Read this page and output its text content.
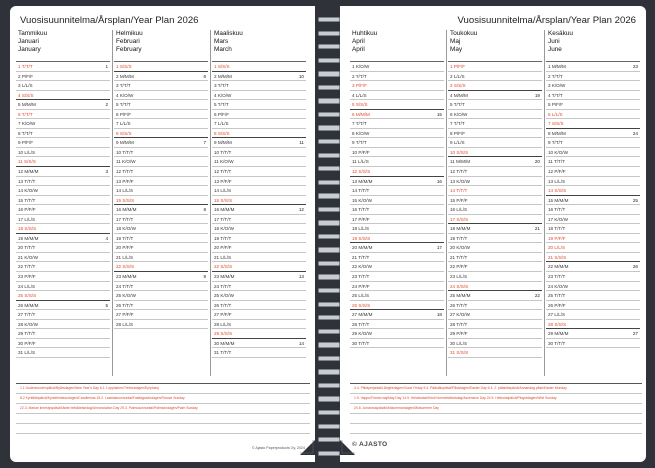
Vuosisuunnitelma/Årsplan/Year Plan 2026
1.1 Uudenvuodenpäivä/Nyårsdagen/New Year's Day 6.1. Loppiainen/Trettondagen/Epiphany
8.2 Kynttilänpäivä/Kyndelmässodagen/Candlemas 15.2. Laskiaissunnuntai/Fastlagssöndagen/Shrove Sunday
22.3. Marian ilmestyspäivä/Marie bebådelsedag/Annunciation Day 29.3. Palmusunnuntai/Palmsöndagen/Palm Sunday
© Ajasto Paperproducts Oy, 2024
Tammikuu
Januari
January
1 T/T/T	1
2 P/F/F
3 L/L/S
4 S/S/S
5 M/M/M	2
6 T/T/T
7 K/O/W
8 T/T/T
9 P/F/F
10 L/L/S
11 S/S/S
12 M/M/M	3
13 T/T/T
14 K/O/W
15 T/T/T
16 P/F/F
17 L/L/S
18 S/S/S
19 M/M/M	4
20 T/T/T
21 K/O/W
22 T/T/T
23 P/F/F
24 L/L/S
25 S/S/S
26 M/M/M	5
27 T/T/T
28 K/O/W
29 T/T/T
30 P/F/F
31 L/L/S
Helmikuu
Februari
February
1 S/S/S
2 M/M/M	6
3 T/T/T
4 K/O/W
5 T/T/T
6 P/F/F
7 L/L/S
8 S/S/S
9 M/M/M	7
10 T/T/T
11 K/O/W
12 T/T/T
13 P/F/F
14 L/L/S
15 S/S/S
16 M/M/M	8
17 T/T/T
18 K/O/W
19 T/T/T
20 P/F/F
21 L/L/S
22 S/S/S
23 M/M/M	9
24 T/T/T
25 K/O/W
26 T/T/T
27 P/F/F
28 L/L/S
Maaliskuu
Mars
March
1 S/S/S
2 M/M/M	10
3 T/T/T
4 K/O/W
5 T/T/T
6 P/F/F
7 L/L/S
8 S/S/S
9 M/M/M	11
10 T/T/T
11 K/O/W
12 T/T/T
13 P/F/F
14 L/L/S
15 S/S/S
16 M/M/M	12
17 T/T/T
18 K/O/W
19 T/T/T
20 P/F/F
21 L/L/S
22 S/S/S
23 M/M/M	13
24 T/T/T
25 K/O/W
26 T/T/T
27 P/F/F
28 L/L/S
29 S/S/S
30 M/M/M	14
31 T/T/T
Vuosisuunnitelma/Årsplan/Year Plan 2026
3.4. Pitkäperjantai/Långfredagen/Good Friday 5.4. Pääsiäispäivä/Påskdagen/Easter Day 6.4. 2. pääsiäispäivä/Annandag påsk/Easter Monday
1.5. Vappu/Första maj/May Day 14.5. Helatorstai/Kristi himmelsfärdsdag/Ascension Day 24.5. Helluntaipäivä/Pingstdagen/Whit Sunday
20.6. Juhannuspäivä/Midsommardagen/Midsummer Day
© AJASTO
Huhtikuu
April
April
1 K/O/W
2 T/T/T
3 P/F/F
4 L/L/S
5 S/S/S
6 M/M/M	15
7 T/T/T
8 K/O/W
9 T/T/T
10 P/F/F
11 L/L/S
12 S/S/S
13 M/M/M	16
14 T/T/T
15 K/O/W
16 T/T/T
17 P/F/F
18 L/L/S
19 S/S/S
20 M/M/M	17
21 T/T/T
22 K/O/W
23 T/T/T
24 P/F/F
25 L/L/S
26 S/S/S
27 M/M/M	18
28 T/T/T
29 K/O/W
30 T/T/T
Toukokuu
Maj
May
1 P/F/F
2 L/L/S
3 S/S/S
4 M/M/M	19
5 T/T/T
6 K/O/W
7 T/T/T
8 P/F/F
9 L/L/S
10 S/S/S
11 M/M/M	20
12 T/T/T
13 K/O/W
14 T/T/T
15 P/F/F
16 L/L/S
17 S/S/S
18 M/M/M	21
19 T/T/T
20 K/O/W
21 T/T/T
22 P/F/F
23 L/L/S
24 S/S/S
25 M/M/M	22
26 T/T/T
27 K/O/W
28 T/T/T
29 P/F/F
30 L/L/S
31 S/S/S
Kesäkuu
Juni
June
1 M/M/M	23
2 T/T/T
3 K/O/W
4 T/T/T
5 P/F/F
6 L/L/S
7 S/S/S
8 M/M/M	24
9 T/T/T
10 K/O/W
11 T/T/T
12 P/F/F
13 L/L/S
14 S/S/S
15 M/M/M	25
16 T/T/T
17 K/O/W
18 T/T/T
19 P/F/F
20 L/L/S
21 S/S/S
22 M/M/M	26
23 T/T/T
24 K/O/W
25 T/T/T
26 P/F/F
27 L/L/S
28 S/S/S
29 M/M/M	27
30 T/T/T
